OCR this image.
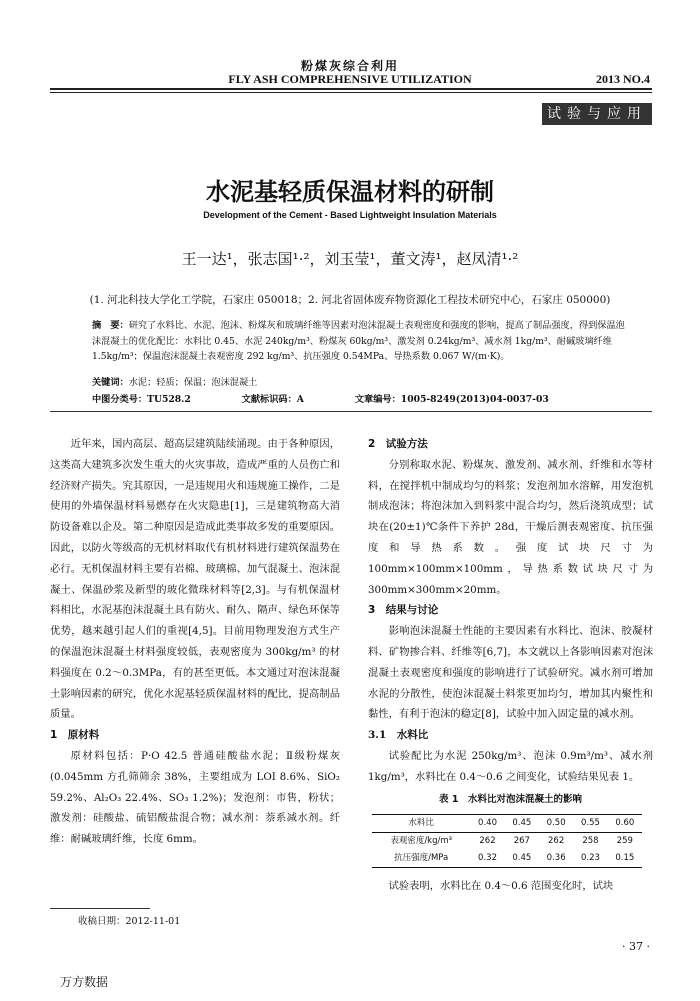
粉煤灰综合利用
FLY ASH COMPREHENSIVE UTILIZATION	2013 NO.4
试验与应用
水泥基轻质保温材料的研制
Development of the Cement - Based Lightweight Insulation Materials
王一达¹，张志国¹·²，刘玉莹¹，董文涛¹，赵凤清¹·²
(1. 河北科技大学化工学院，石家庄 050018；2. 河北省固体废弃物资源化工程技术研究中心，石家庄 050000)
摘　要：研究了水料比、水泥、泡沫、粉煤灰和玻璃纤维等因素对泡沫混凝土表观密度和强度的影响，提高了制品强度，得到保温泡沫混凝土的优化配比：水料比 0.45、水泥 240kg/m³、粉煤灰 60kg/m³、激发剂 0.24kg/m³、减水剂 1kg/m³、耐碱玻璃纤维 1.5kg/m³；保温泡沫混凝土表观密度 292 kg/m³、抗压强度 0.54MPa、导热系数 0.067 W/(m·K)。
关键词：水泥；轻质；保温；泡沫混凝土
中图分类号：TU528.2	文献标识码：A	文章编号：1005-8249(2013)04-0037-03

近年来，国内高层、超高层建筑陆续涌现。由于各种原因，这类高大建筑多次发生重大的火灾事故，造成严重的人员伤亡和经济财产损失。究其原因，一是违规用火和违规施工操作，二是使用的外墙保温材料易燃存在火灾隐患[1]，三是建筑物高大消防设备难以企及。第二种原因是造成此类事故多发的重要原因。因此，以防火等级高的无机材料取代有机材料进行建筑保温势在必行。无机保温材料主要有岩棉、玻璃棉、加气混凝土、泡沫混凝土、保温砂浆及新型的玻化微珠材料等[2,3]。与有机保温材料相比，水泥基泡沫混凝土具有防火、耐久、隔声、绿色环保等优势，越来越引起人们的重视[4,5]。目前用物理发泡方式生产的保温泡沫混凝土材料强度较低，表观密度为 300kg/m³ 的材料强度在 0.2～0.3MPa，有的甚至更低。本文通过对泡沫混凝土影响因素的研究，优化水泥基轻质保温材料的配比，提高制品质量。

1　原材料

原材料包括：P·O 42.5 普通硅酸盐水泥；Ⅱ级粉煤灰(0.045mm 方孔筛筛余 38%，主要组成为 LOI 8.6%、SiO₂ 59.2%、Al₂O₃ 22.4%、SO₃ 1.2%)；发泡剂：市售，粉状；激发剂：硅酸盐、硫铝酸盐混合物；减水剂：萘系减水剂。纤维：耐碱玻璃纤维，长度 6mm。

2　试验方法

分别称取水泥、粉煤灰、激发剂、减水剂、纤维和水等材料，在搅拌机中制成均匀的料浆；发泡剂加水溶解，用发泡机制成泡沫；将泡沫加入到料浆中混合均匀，然后浇筑成型；试块在(20±1)℃条件下养护 28d，干燥后测表观密度、抗压强度和导热系数。强度试块尺寸为 100mm×100mm×100mm，导热系数试块尺寸为 300mm×300mm×20mm。

3　结果与讨论

影响泡沫混凝土性能的主要因素有水料比、泡沫、胶凝材料、矿物掺合料、纤维等[6,7]，本文就以上各影响因素对泡沫混凝土表观密度和强度的影响进行了试验研究。减水剂可增加水泥的分散性，使泡沫混凝土料浆更加均匀，增加其内聚性和黏性，有利于泡沫的稳定[8]，试验中加入固定量的减水剂。

3.1　水料比

试验配比为水泥 250kg/m³、泡沫 0.9m³/m³、减水剂 1kg/m³，水料比在 0.4～0.6 之间变化，试验结果见表 1。

表 1　水料比对泡沫混凝土的影响
水料比	0.40	0.45	0.50	0.55	0.60
表观密度/kg/m³	262	267	262	258	259
抗压强度/MPa	0.32	0.45	0.36	0.23	0.15

试验表明，水料比在 0.4～0.6 范围变化时，试块

收稿日期：2012-11-01
· 37 ·
万方数据
